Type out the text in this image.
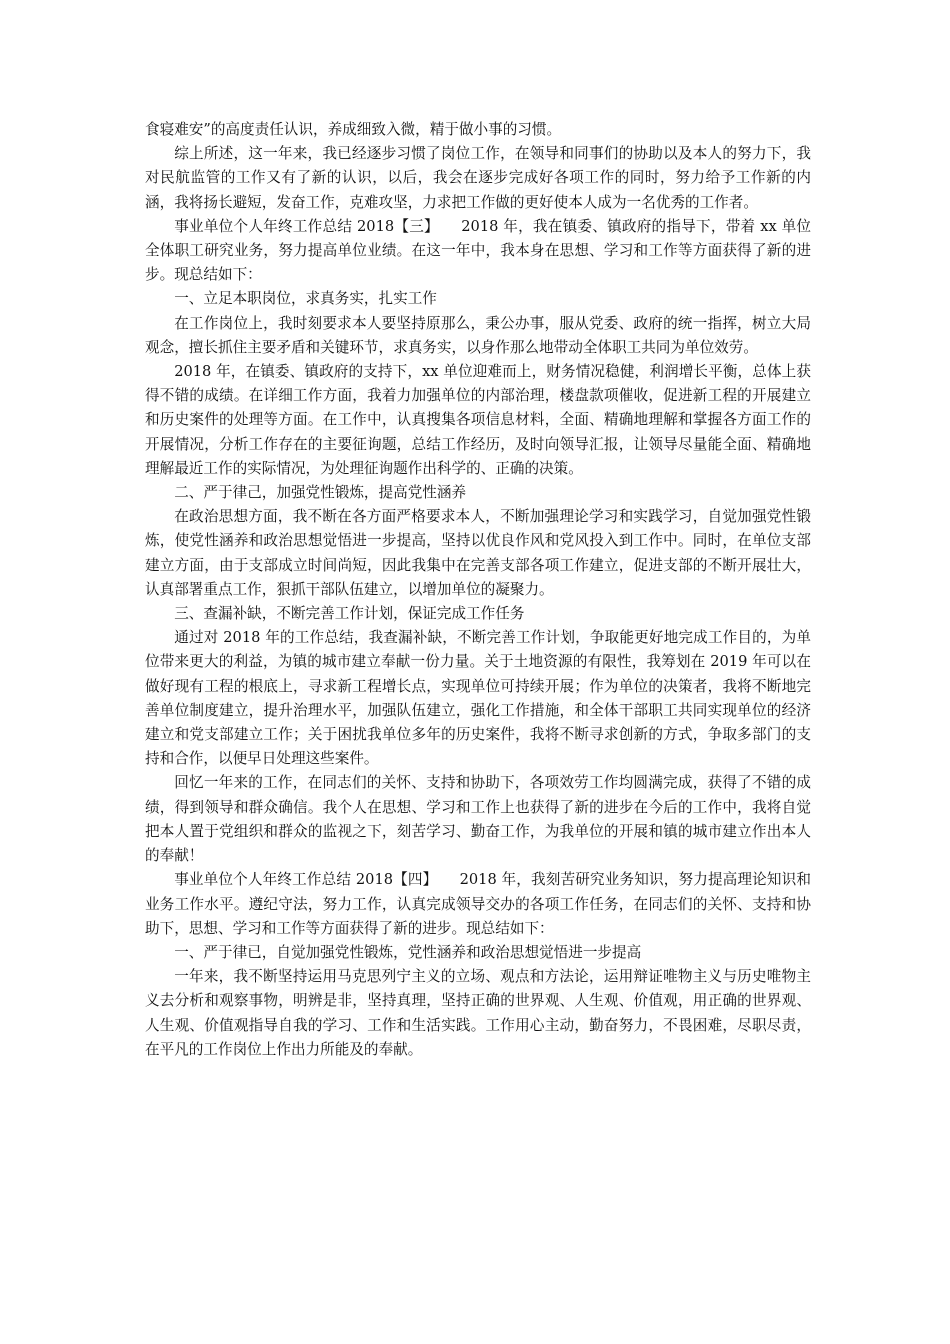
食寝难安”的高度责任认识，养成细致入微，精于做小事的习惯。

综上所述，这一年来，我已经逐步习惯了岗位工作，在领导和同事们的协助以及本人的努力下，我对民航监管的工作又有了新的认识，以后，我会在逐步完成好各项工作的同时，努力给予工作新的内涵，我将扬长避短，发奋工作，克难攻坚，力求把工作做的更好使本人成为一名优秀的工作者。

事业单位个人年终工作总结 2018【三】　　2018 年，我在镇委、镇政府的指导下，带着 xx 单位全体职工研究业务，努力提高单位业绩。在这一年中，我本身在思想、学习和工作等方面获得了新的进步。现总结如下：

一、立足本职岗位，求真务实，扎实工作

在工作岗位上，我时刻要求本人要坚持原那么，秉公办事，服从党委、政府的统一指挥，树立大局观念，擅长抓住主要矛盾和关键环节，求真务实，以身作那么地带动全体职工共同为单位效劳。

2018 年，在镇委、镇政府的支持下，xx 单位迎难而上，财务情况稳健，利润增长平衡，总体上获得不错的成绩。在详细工作方面，我着力加强单位的内部治理，楼盘款项催收，促进新工程的开展建立和历史案件的处理等方面。在工作中，认真搜集各项信息材料，全面、精确地理解和掌握各方面工作的开展情况，分析工作存在的主要征询题，总结工作经历，及时向领导汇报，让领导尽量能全面、精确地理解最近工作的实际情况，为处理征询题作出科学的、正确的决策。

二、严于律己，加强党性锻炼，提高党性涵养

在政治思想方面，我不断在各方面严格要求本人，不断加强理论学习和实践学习，自觉加强党性锻炼，使党性涵养和政治思想觉悟进一步提高，坚持以优良作风和党风投入到工作中。同时，在单位支部建立方面，由于支部成立时间尚短，因此我集中在完善支部各项工作建立，促进支部的不断开展壮大，认真部署重点工作，狠抓干部队伍建立，以增加单位的凝聚力。

三、查漏补缺，不断完善工作计划，保证完成工作任务

通过对 2018 年的工作总结，我查漏补缺，不断完善工作计划，争取能更好地完成工作目的，为单位带来更大的利益，为镇的城市建立奉献一份力量。关于土地资源的有限性，我筹划在 2019 年可以在做好现有工程的根底上，寻求新工程增长点，实现单位可持续开展；作为单位的决策者，我将不断地完善单位制度建立，提升治理水平，加强队伍建立，强化工作措施，和全体干部职工共同实现单位的经济建立和党支部建立工作；关于困扰我单位多年的历史案件，我将不断寻求创新的方式，争取多部门的支持和合作，以便早日处理这些案件。

回忆一年来的工作，在同志们的关怀、支持和协助下，各项效劳工作均圆满完成，获得了不错的成绩，得到领导和群众确信。我个人在思想、学习和工作上也获得了新的进步在今后的工作中，我将自觉把本人置于党组织和群众的监视之下，刻苦学习、勤奋工作，为我单位的开展和镇的城市建立作出本人的奉献！

事业单位个人年终工作总结 2018【四】　　2018 年，我刻苦研究业务知识，努力提高理论知识和业务工作水平。遵纪守法，努力工作，认真完成领导交办的各项工作任务，在同志们的关怀、支持和协助下，思想、学习和工作等方面获得了新的进步。现总结如下：

一、严于律已，自觉加强党性锻炼，党性涵养和政治思想觉悟进一步提高

一年来，我不断坚持运用马克思列宁主义的立场、观点和方法论，运用辩证唯物主义与历史唯物主义去分析和观察事物，明辨是非，坚持真理，坚持正确的世界观、人生观、价值观，用正确的世界观、人生观、价值观指导自我的学习、工作和生活实践。工作用心主动，勤奋努力，不畏困难，尽职尽责，在平凡的工作岗位上作出力所能及的奉献。
